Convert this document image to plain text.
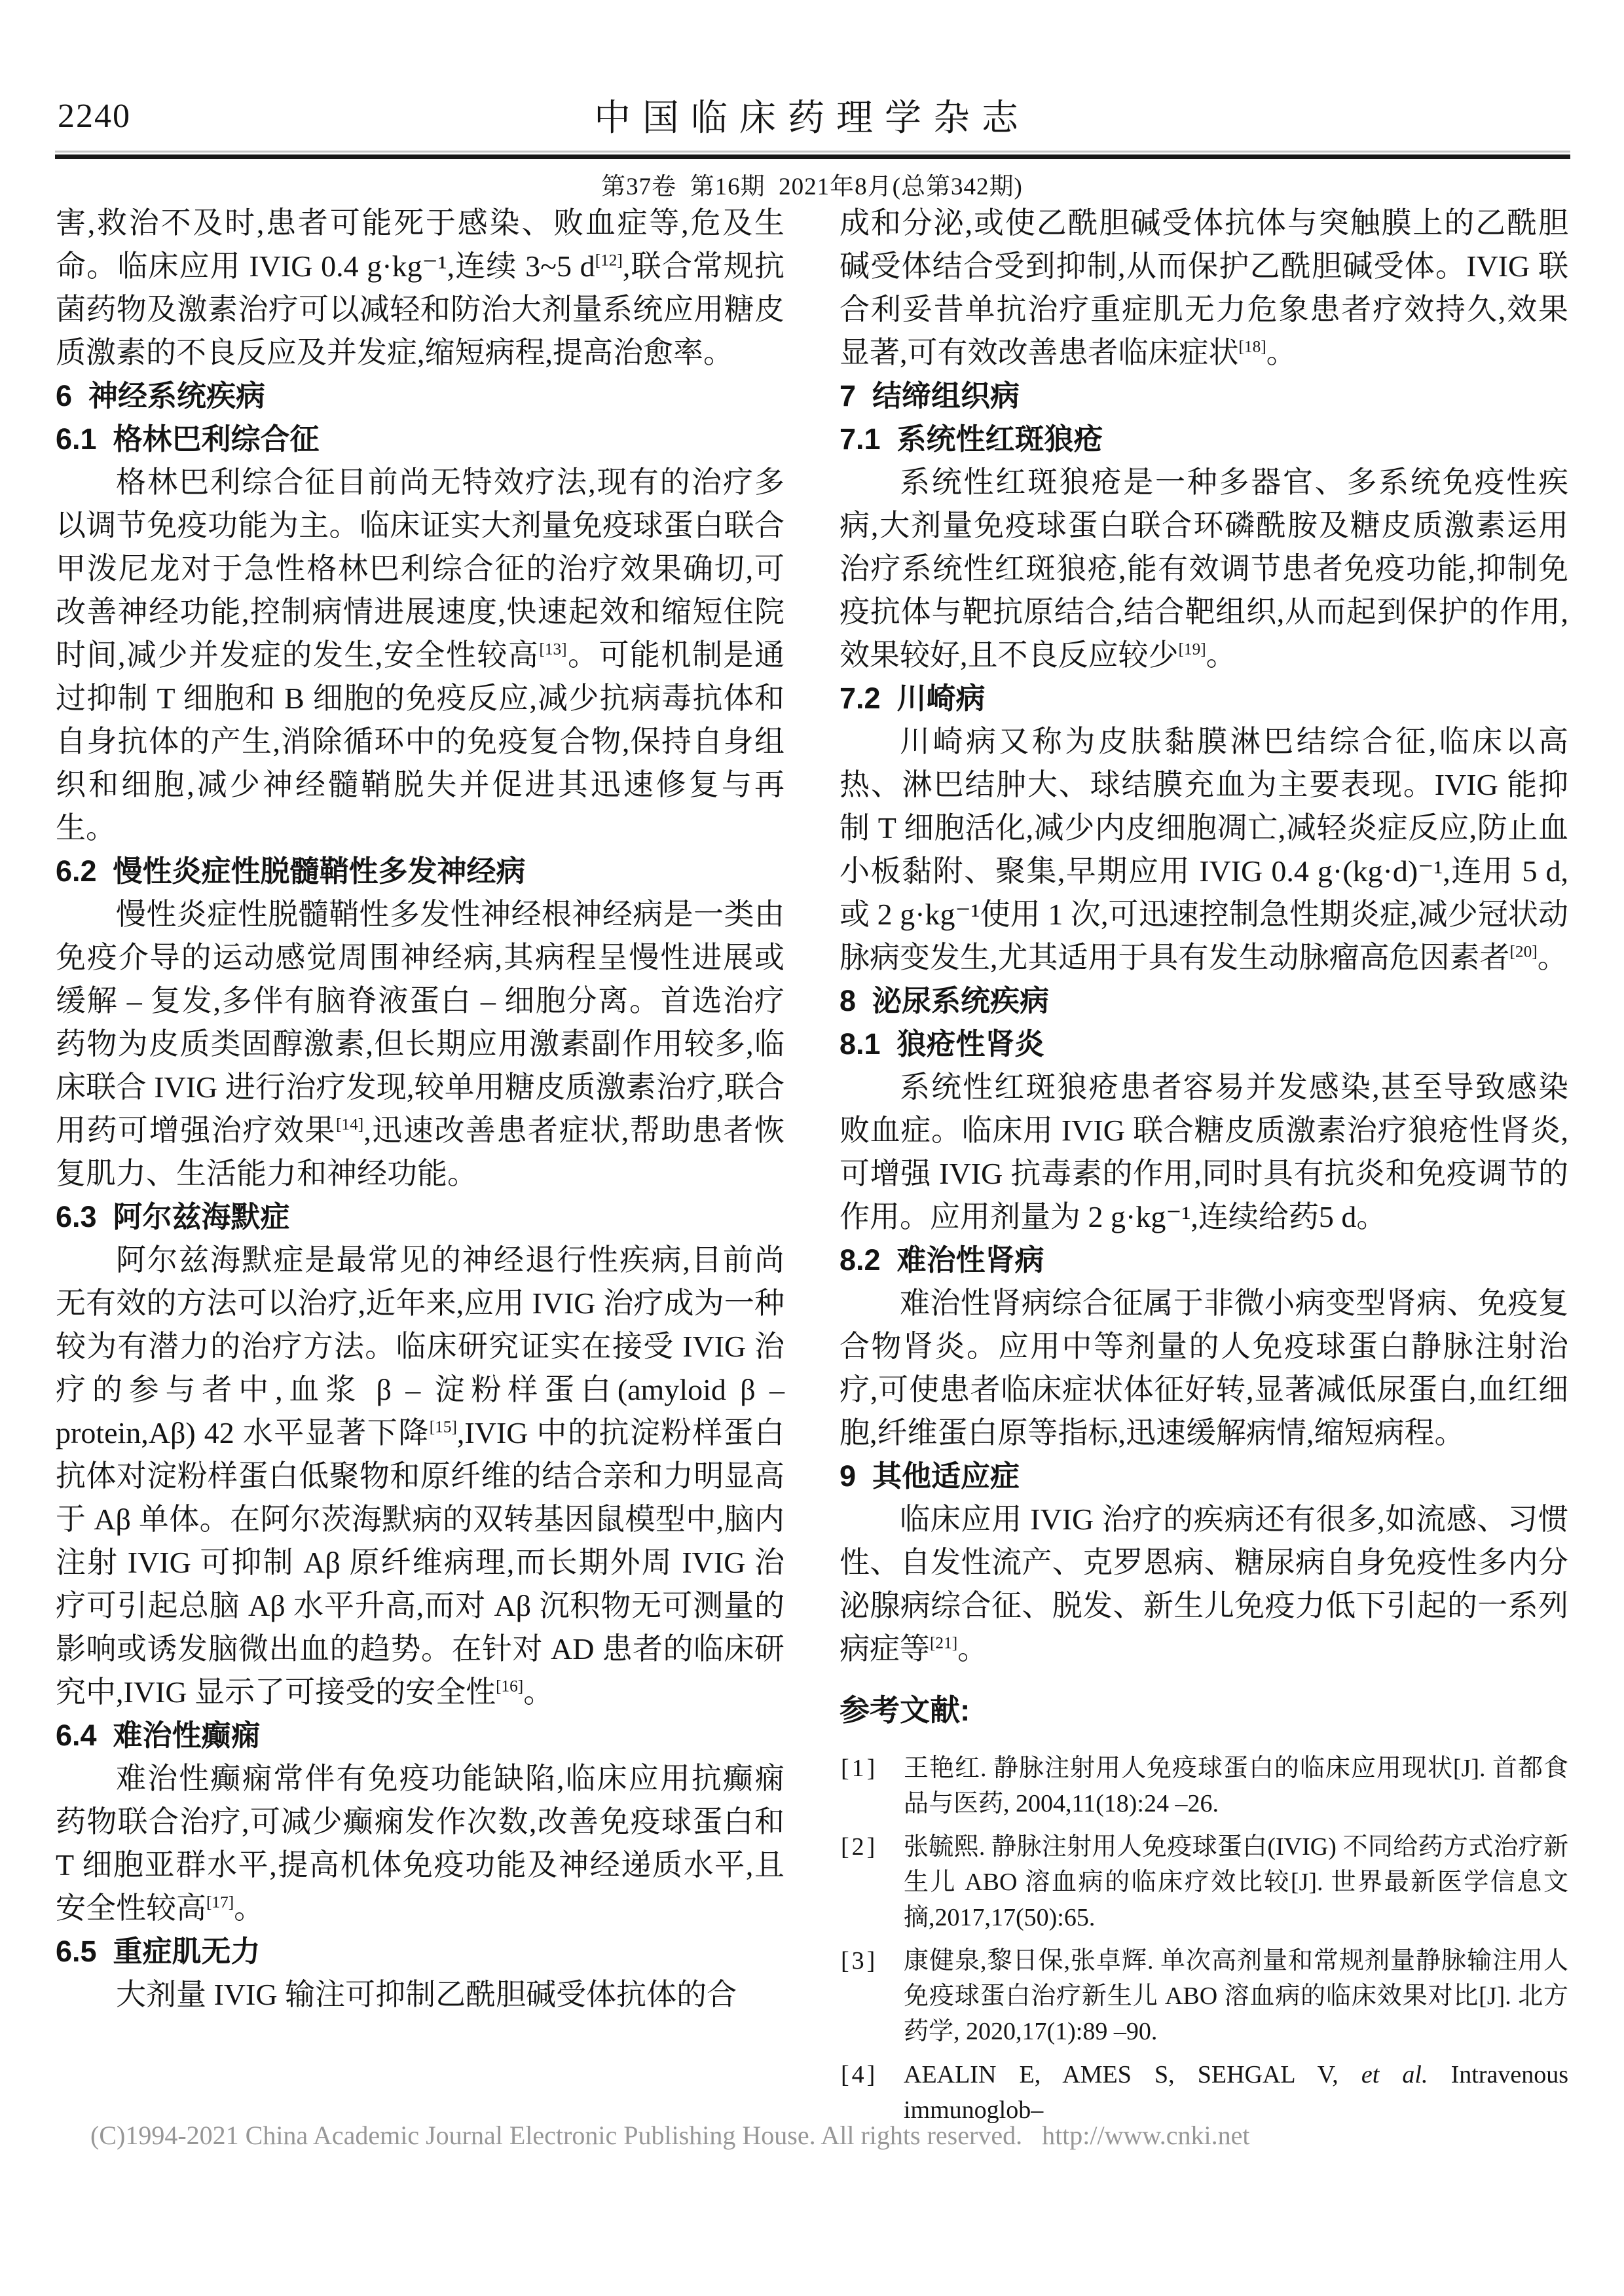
2240	中国临床药理学杂志
第37卷  第16期  2021年8月(总第342期)

害,救治不及时,患者可能死于感染、败血症等,危及生命。临床应用 IVIG 0.4 g·kg⁻¹,连续 3~5 d[12],联合常规抗菌药物及激素治疗可以减轻和防治大剂量系统应用糖皮质激素的不良反应及并发症,缩短病程,提高治愈率。

6  神经系统疾病
6.1  格林巴利综合征

格林巴利综合征目前尚无特效疗法,现有的治疗多以调节免疫功能为主。临床证实大剂量免疫球蛋白联合甲泼尼龙对于急性格林巴利综合征的治疗效果确切,可改善神经功能,控制病情进展速度,快速起效和缩短住院时间,减少并发症的发生,安全性较高[13]。可能机制是通过抑制 T 细胞和 B 细胞的免疫反应,减少抗病毒抗体和自身抗体的产生,消除循环中的免疫复合物,保持自身组织和细胞,减少神经髓鞘脱失并促进其迅速修复与再生。

6.2  慢性炎症性脱髓鞘性多发神经病

慢性炎症性脱髓鞘性多发性神经根神经病是一类由免疫介导的运动感觉周围神经病,其病程呈慢性进展或缓解 – 复发,多伴有脑脊液蛋白 – 细胞分离。首选治疗药物为皮质类固醇激素,但长期应用激素副作用较多,临床联合 IVIG 进行治疗发现,较单用糖皮质激素治疗,联合用药可增强治疗效果[14],迅速改善患者症状,帮助患者恢复肌力、生活能力和神经功能。

6.3  阿尔兹海默症

阿尔兹海默症是最常见的神经退行性疾病,目前尚无有效的方法可以治疗,近年来,应用 IVIG 治疗成为一种较为有潜力的治疗方法。临床研究证实在接受 IVIG 治疗的参与者中,血浆 β – 淀粉样蛋白(amyloid β – protein,Aβ) 42 水平显著下降[15],IVIG 中的抗淀粉样蛋白抗体对淀粉样蛋白低聚物和原纤维的结合亲和力明显高于 Aβ 单体。在阿尔茨海默病的双转基因鼠模型中,脑内注射 IVIG 可抑制 Aβ 原纤维病理,而长期外周 IVIG 治疗可引起总脑 Aβ 水平升高,而对 Aβ 沉积物无可测量的影响或诱发脑微出血的趋势。在针对 AD 患者的临床研究中,IVIG 显示了可接受的安全性[16]。

6.4  难治性癫痫

难治性癫痫常伴有免疫功能缺陷,临床应用抗癫痫药物联合治疗,可减少癫痫发作次数,改善免疫球蛋白和 T 细胞亚群水平,提高机体免疫功能及神经递质水平,且安全性较高[17]。

6.5  重症肌无力

大剂量 IVIG 输注可抑制乙酰胆碱受体抗体的合

成和分泌,或使乙酰胆碱受体抗体与突触膜上的乙酰胆碱受体结合受到抑制,从而保护乙酰胆碱受体。IVIG 联合利妥昔单抗治疗重症肌无力危象患者疗效持久,效果显著,可有效改善患者临床症状[18]。

7  结缔组织病
7.1  系统性红斑狼疮

系统性红斑狼疮是一种多器官、多系统免疫性疾病,大剂量免疫球蛋白联合环磷酰胺及糖皮质激素运用治疗系统性红斑狼疮,能有效调节患者免疫功能,抑制免疫抗体与靶抗原结合,结合靶组织,从而起到保护的作用,效果较好,且不良反应较少[19]。

7.2  川崎病

川崎病又称为皮肤黏膜淋巴结综合征,临床以高热、淋巴结肿大、球结膜充血为主要表现。IVIG 能抑制 T 细胞活化,减少内皮细胞凋亡,减轻炎症反应,防止血小板黏附、聚集,早期应用 IVIG 0.4 g·(kg·d)⁻¹,连用 5 d,或 2 g·kg⁻¹使用 1 次,可迅速控制急性期炎症,减少冠状动脉病变发生,尤其适用于具有发生动脉瘤高危因素者[20]。

8  泌尿系统疾病
8.1  狼疮性肾炎

系统性红斑狼疮患者容易并发感染,甚至导致感染败血症。临床用 IVIG 联合糖皮质激素治疗狼疮性肾炎,可增强 IVIG 抗毒素的作用,同时具有抗炎和免疫调节的作用。应用剂量为 2 g·kg⁻¹,连续给药5 d。

8.2  难治性肾病

难治性肾病综合征属于非微小病变型肾病、免疫复合物肾炎。应用中等剂量的人免疫球蛋白静脉注射治疗,可使患者临床症状体征好转,显著减低尿蛋白,血红细胞,纤维蛋白原等指标,迅速缓解病情,缩短病程。

9  其他适应症

临床应用 IVIG 治疗的疾病还有很多,如流感、习惯性、自发性流产、克罗恩病、糖尿病自身免疫性多内分泌腺病综合征、脱发、新生儿免疫力低下引起的一系列病症等[21]。

参考文献:
[1] 王艳红. 静脉注射用人免疫球蛋白的临床应用现状[J]. 首都食品与医药, 2004,11(18):24 –26.
[2] 张毓熙. 静脉注射用人免疫球蛋白(IVIG) 不同给药方式治疗新生儿 ABO 溶血病的临床疗效比较[J]. 世界最新医学信息文摘,2017,17(50):65.
[3] 康健泉,黎日保,张卓辉. 单次高剂量和常规剂量静脉输注用人免疫球蛋白治疗新生儿 ABO 溶血病的临床效果对比[J]. 北方药学, 2020,17(1):89 –90.
[4] AEALIN E, AMES S, SEHGAL V, et al. Intravenous immunoglob–
(C)1994-2021 China Academic Journal Electronic Publishing House. All rights reserved.   http://www.cnki.net
